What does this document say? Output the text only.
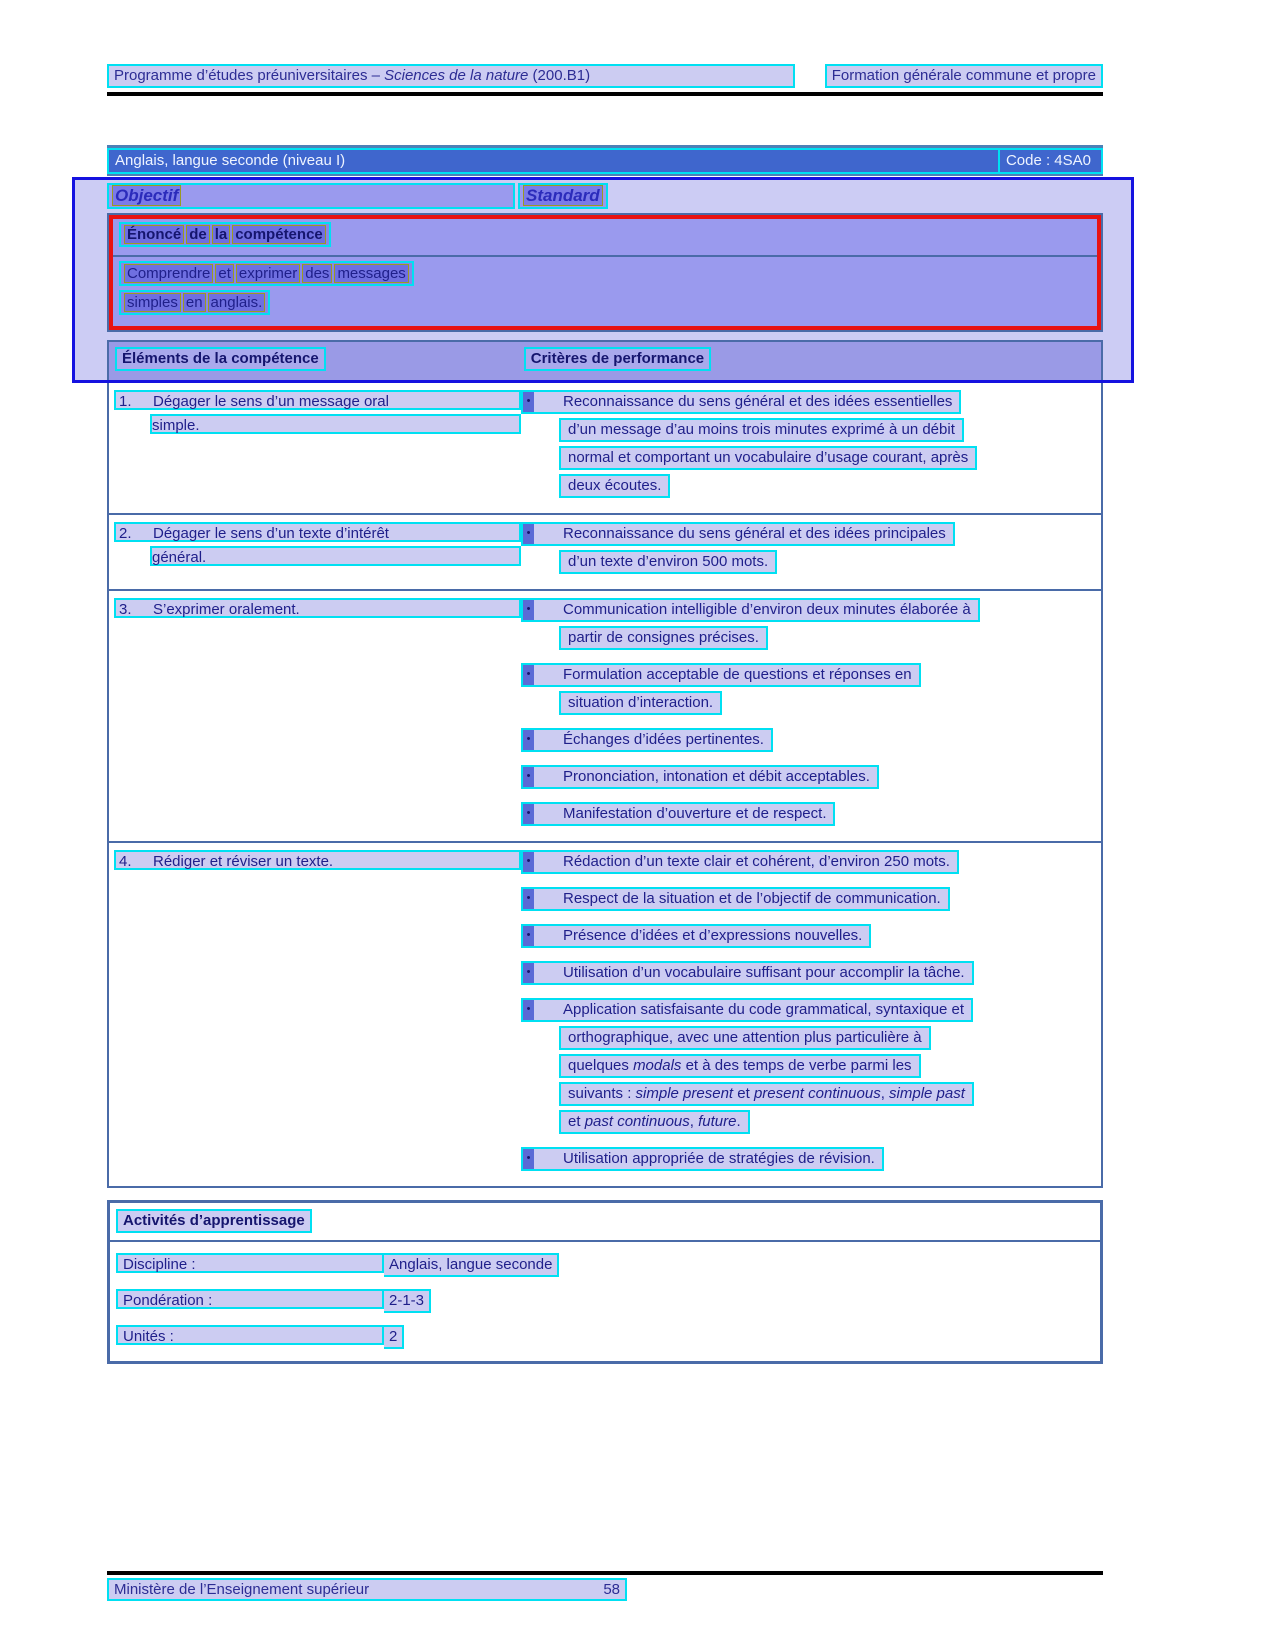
Programme d’études préuniversitaires – Sciences de la nature (200.B1)	Formation générale commune et propre
Anglais, langue seconde (niveau I)	Code : 4SA0
Objectif	Standard
Énoncé de la compétence
Comprendre et exprimer des messages
simples en anglais.
Éléments de la compétence	Critères de performance
1.	Dégager le sens d’un message oral
simple.
•	Reconnaissance du sens général et des idées essentielles
d’un message d’au moins trois minutes exprimé à un débit
normal et comportant un vocabulaire d’usage courant, après
deux écoutes.
2.	Dégager le sens d’un texte d’intérêt
général.
•	Reconnaissance du sens général et des idées principales
d’un texte d’environ 500 mots.
3.	S’exprimer oralement.	•	Communication intelligible d’environ deux minutes élaborée à
partir de consignes précises.
•	Formulation acceptable de questions et réponses en
situation d’interaction.
•	Échanges d’idées pertinentes.
•	Prononciation, intonation et débit acceptables.
•	Manifestation d’ouverture et de respect.
4.	Rédiger et réviser un texte.	•	Rédaction d’un texte clair et cohérent, d’environ 250 mots.
•	Respect de la situation et de l’objectif de communication.
•	Présence d’idées et d’expressions nouvelles.
•	Utilisation d’un vocabulaire suffisant pour accomplir la tâche.
•	Application satisfaisante du code grammatical, syntaxique et
orthographique, avec une attention plus particulière à
quelques modals et à des temps de verbe parmi les
suivants : simple present et present continuous, simple past
et past continuous, future.
•	Utilisation appropriée de stratégies de révision.
Activités d’apprentissage
Discipline :	Anglais, langue seconde
Pondération :	2-1-3
Unités :	2
Ministère de l’Enseignement supérieur	58
